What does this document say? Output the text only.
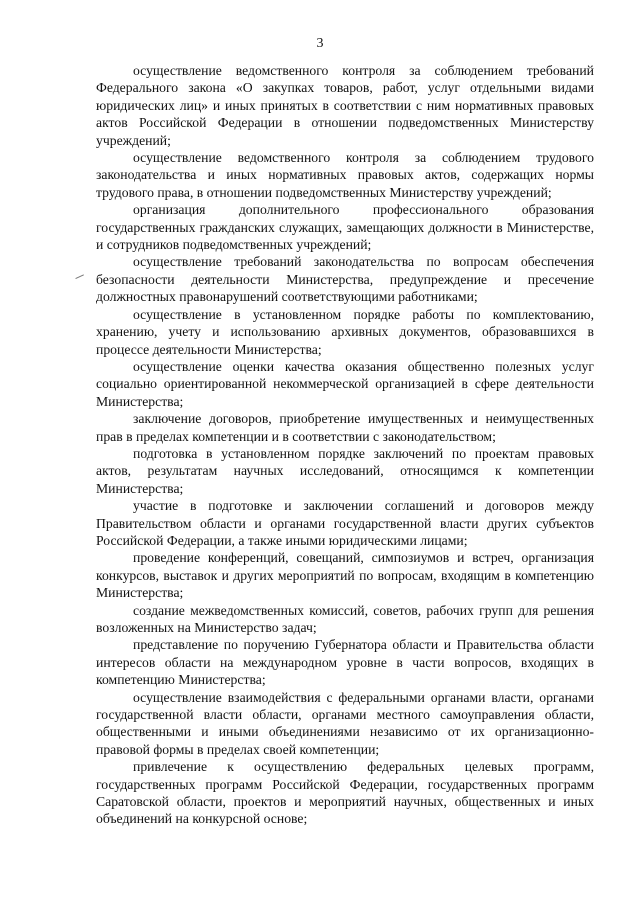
3

осуществление ведомственного контроля за соблюдением требований Федерального закона «О закупках товаров, работ, услуг отдельными видами юридических лиц» и иных принятых в соответствии с ним нормативных правовых актов Российской Федерации в отношении подведомственных Министерству учреждений;

осуществление ведомственного контроля за соблюдением трудового законодательства и иных нормативных правовых актов, содержащих нормы трудового права, в отношении подведомственных Министерству учреждений;

организация дополнительного профессионального образования государственных гражданских служащих, замещающих должности в Министерстве, и сотрудников подведомственных учреждений;

осуществление требований законодательства по вопросам обеспечения безопасности деятельности Министерства, предупреждение и пресечение должностных правонарушений соответствующими работниками;

осуществление в установленном порядке работы по комплектованию, хранению, учету и использованию архивных документов, образовавшихся в процессе деятельности Министерства;

осуществление оценки качества оказания общественно полезных услуг социально ориентированной некоммерческой организацией в сфере деятельности Министерства;

заключение договоров, приобретение имущественных и неимущественных прав в пределах компетенции и в соответствии с законодательством;

подготовка в установленном порядке заключений по проектам правовых актов, результатам научных исследований, относящимся к компетенции Министерства;

участие в подготовке и заключении соглашений и договоров между Правительством области и органами государственной власти других субъектов Российской Федерации, а также иными юридическими лицами;

проведение конференций, совещаний, симпозиумов и встреч, организация конкурсов, выставок и других мероприятий по вопросам, входящим в компетенцию Министерства;

создание межведомственных комиссий, советов, рабочих групп для решения возложенных на Министерство задач;

представление по поручению Губернатора области и Правительства области интересов области на международном уровне в части вопросов, входящих в компетенцию Министерства;

осуществление взаимодействия с федеральными органами власти, органами государственной власти области, органами местного самоуправления области, общественными и иными объединениями независимо от их организационно-правовой формы в пределах своей компетенции;

привлечение к осуществлению федеральных целевых программ, государственных программ Российской Федерации, государственных программ Саратовской области, проектов и мероприятий научных, общественных и иных объединений на конкурсной основе;
